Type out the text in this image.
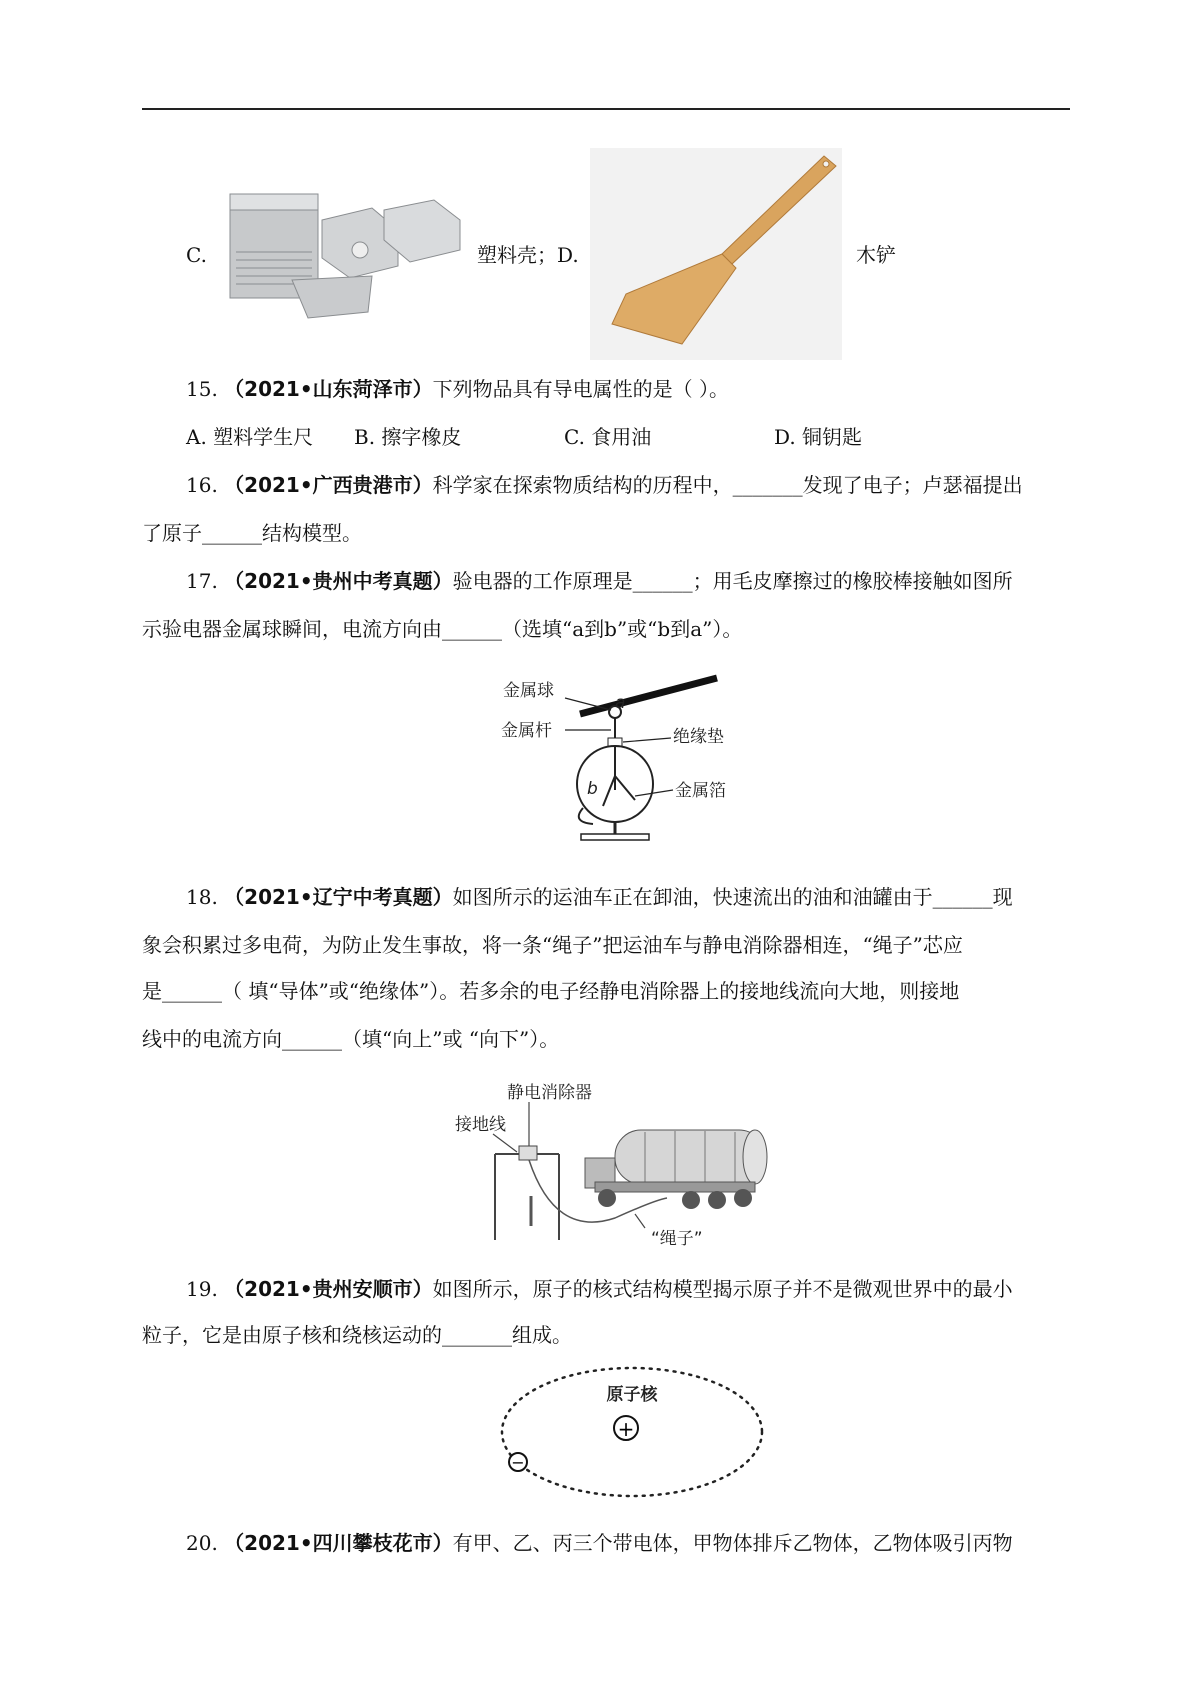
C.	塑料壳；D.	木铲
15. （2021•山东菏泽市）下列物品具有导电属性的是（ ）。
A. 塑料学生尺 B. 擦字橡皮	C. 食用油	D. 铜钥匙
16. （2021•广西贵港市）科学家在探索物质结构的历程中，_______发现了电子；卢瑟福提出
了原子______结构模型。
17. （2021•贵州中考真题）验电器的工作原理是______；用毛皮摩擦过的橡胶棒接触如图所
示验电器金属球瞬间，电流方向由______（选填“a到b”或“b到a”）。
a
金属球
金属杆
b
绝缘垫
金属箔
18. （2021•辽宁中考真题）如图所示的运油车正在卸油，快速流出的油和油罐由于______现
象会积累过多电荷，为防止发生事故，将一条“绳子”把运油车与静电消除器相连，“绳子”芯应
是______（ 填“导体”或“绝缘体”）。若多余的电子经静电消除器上的接地线流向大地，则接地
线中的电流方向______（填“向上”或 “向下”）。
静电消除器
接地线
“绳子”
19. （2021•贵州安顺市）如图所示，原子的核式结构模型揭示原子并不是微观世界中的最小
粒子，它是由原子核和绕核运动的_______组成。
原子核
+
−
20. （2021•四川攀枝花市）有甲、乙、丙三个带电体，甲物体排斥乙物体，乙物体吸引丙物
